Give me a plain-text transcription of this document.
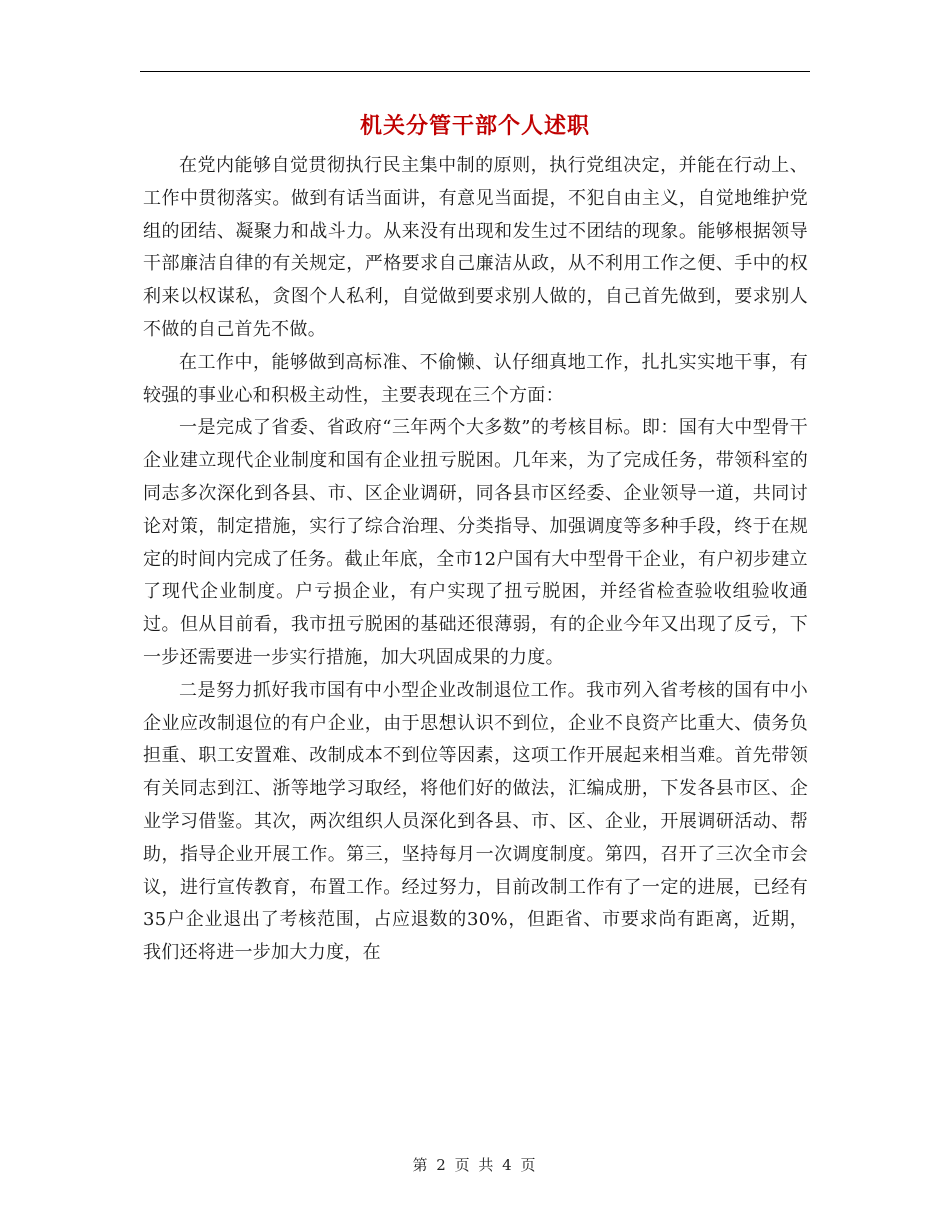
机关分管干部个人述职

在党内能够自觉贯彻执行民主集中制的原则，执行党组决定，并能在行动上、工作中贯彻落实。做到有话当面讲，有意见当面提，不犯自由主义，自觉地维护党组的团结、凝聚力和战斗力。从来没有出现和发生过不团结的现象。能够根据领导干部廉洁自律的有关规定，严格要求自己廉洁从政，从不利用工作之便、手中的权利来以权谋私，贪图个人私利，自觉做到要求别人做的，自己首先做到，要求别人不做的自己首先不做。

在工作中，能够做到高标准、不偷懒、认仔细真地工作，扎扎实实地干事，有较强的事业心和积极主动性，主要表现在三个方面：

一是完成了省委、省政府“三年两个大多数”的考核目标。即：国有大中型骨干企业建立现代企业制度和国有企业扭亏脱困。几年来，为了完成任务，带领科室的同志多次深化到各县、市、区企业调研，同各县市区经委、企业领导一道，共同讨论对策，制定措施，实行了综合治理、分类指导、加强调度等多种手段，终于在规定的时间内完成了任务。截止年底，全市12户国有大中型骨干企业，有户初步建立了现代企业制度。户亏损企业，有户实现了扭亏脱困，并经省检查验收组验收通过。但从目前看，我市扭亏脱困的基础还很薄弱，有的企业今年又出现了反亏，下一步还需要进一步实行措施，加大巩固成果的力度。

二是努力抓好我市国有中小型企业改制退位工作。我市列入省考核的国有中小企业应改制退位的有户企业，由于思想认识不到位，企业不良资产比重大、债务负担重、职工安置难、改制成本不到位等因素，这项工作开展起来相当难。首先带领有关同志到江、浙等地学习取经，将他们好的做法，汇编成册，下发各县市区、企业学习借鉴。其次，两次组织人员深化到各县、市、区、企业，开展调研活动、帮助，指导企业开展工作。第三，坚持每月一次调度制度。第四，召开了三次全市会议，进行宣传教育，布置工作。经过努力，目前改制工作有了一定的进展，已经有35户企业退出了考核范围，占应退数的30%，但距省、市要求尚有距离，近期，我们还将进一步加大力度，在

第 2 页 共 4 页
